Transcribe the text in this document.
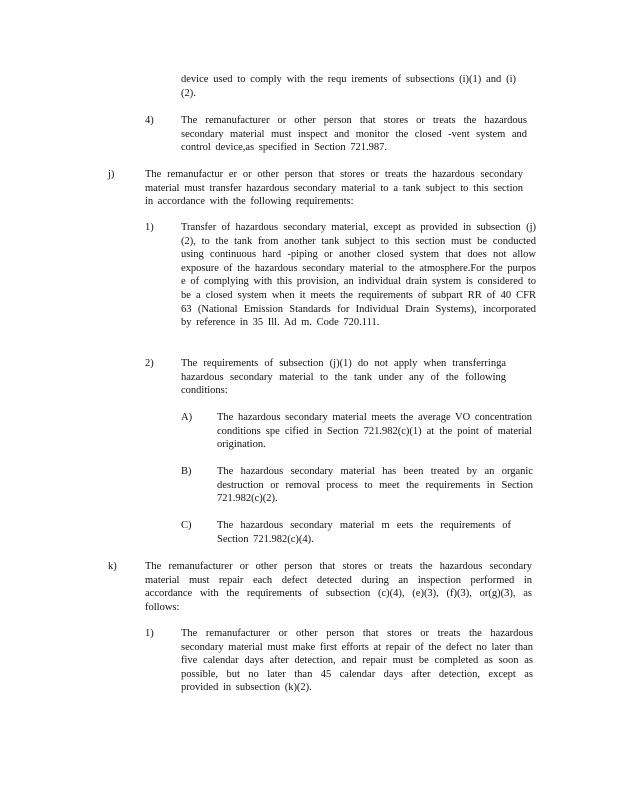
device used to comply with the requ irements of subsections (i)(1) and (i)(2).
4)	The remanufacturer or other person that stores or treats the hazardous secondary material must inspect and monitor the closed -vent system and control device,as specified in Section 721.987.
j)	The remanufactur er or other person that stores or treats the hazardous secondary material must transfer hazardous secondary material to a tank subject to this section in accordance with the following requirements:
1)	Transfer of hazardous secondary material, except as provided in subsection (j)(2), to the tank from another tank subject to this section must be conducted using continuous hard -piping or another closed system that does not allow exposure of the hazardous secondary material to the atmosphere.For the purpos e of complying with this provision, an individual drain system is considered to be a closed system when it meets the requirements of subpart RR of 40 CFR 63 (National Emission Standards for Individual Drain Systems), incorporated by reference in 35 Ill. Ad m. Code 720.111.
2)	The requirements of subsection (j)(1) do not apply when transferringa hazardous secondary material to the tank under any of the following conditions:
A) The hazardous secondary material meets the average VO concentration conditions spe cified in Section 721.982(c)(1) at the point of material origination.
B) The hazardous secondary material has been treated by an organic destruction or removal process to meet the requirements in Section 721.982(c)(2).
C) The hazardous secondary material m eets the requirements of Section 721.982(c)(4).
k)	The remanufacturer or other person that stores or treats the hazardous secondary material must repair each defect detected during an inspection performed in accordance with the requirements of subsection (c)(4), (e)(3), (f)(3), or(g)(3), as follows:
1)	The remanufacturer or other person that stores or treats the hazardous secondary material must make first efforts at repair of the defect no later than five calendar days after detection, and repair must be completed as soon as possible, but no later than 45 calendar days after detection, except as provided in subsection (k)(2).
